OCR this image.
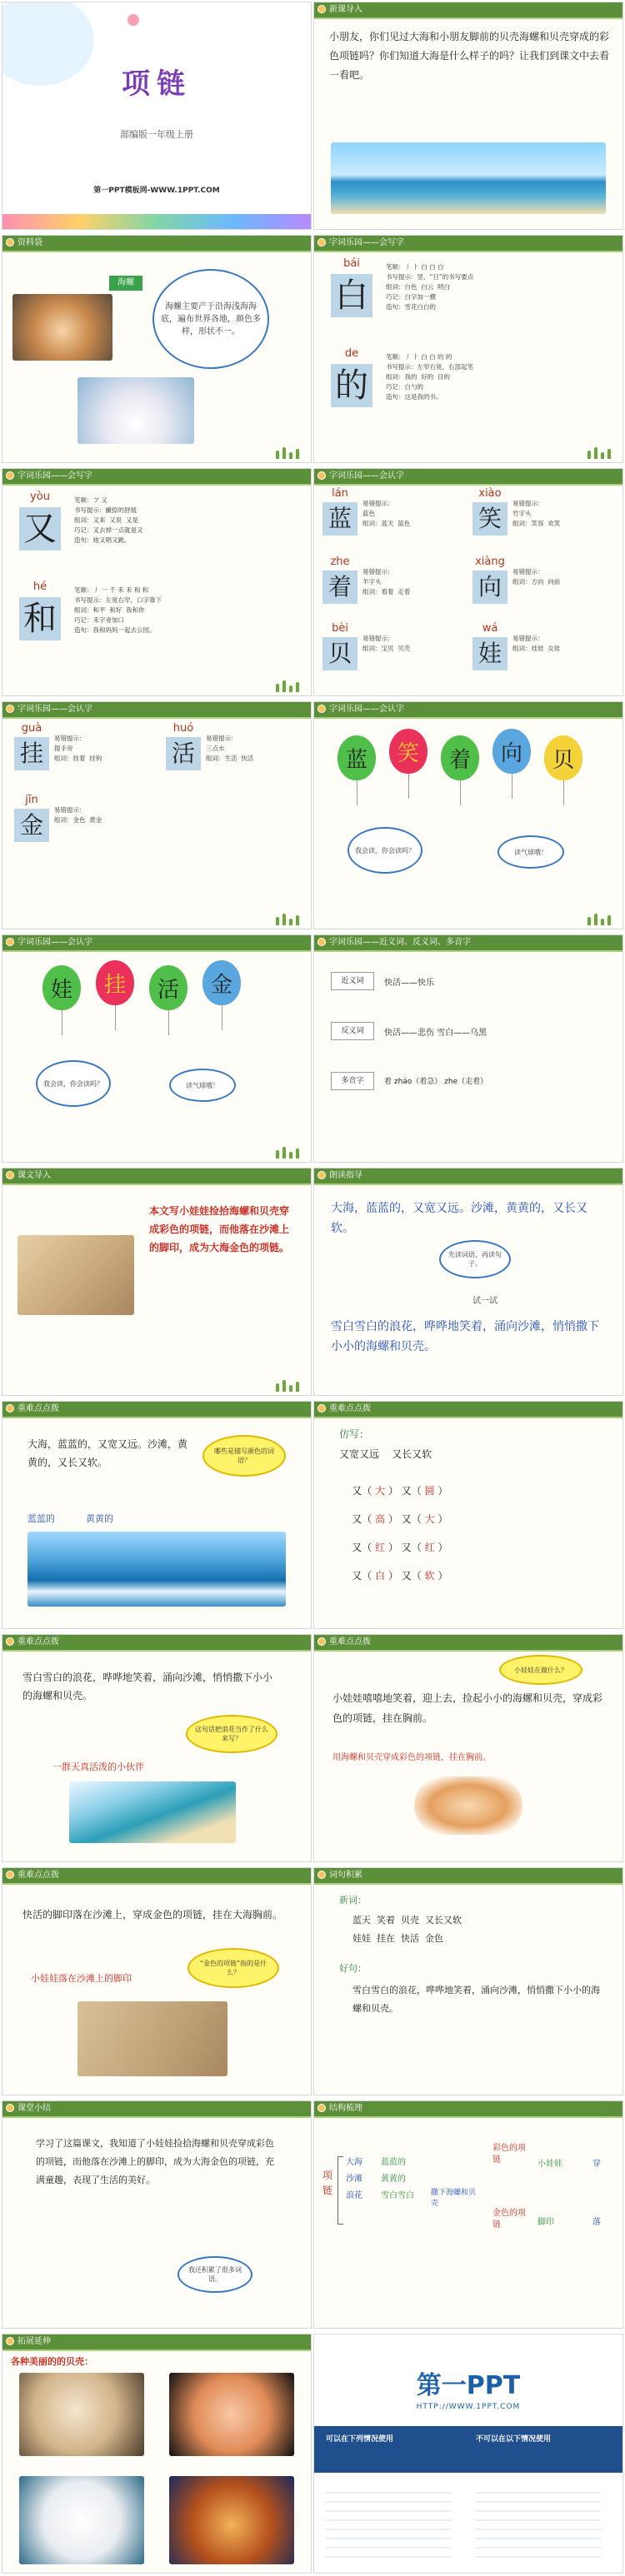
项链
部编版一年级上册
第一PPT模板网-WWW.1PPT.COM
新课导入
小朋友，你们见过大海和小朋友脚前的贝壳海螺和贝壳穿成的彩色项链吗？你们知道大海是什么样子的吗？让我们到课文中去看一看吧。
资料袋
海螺
海螺主要产于沿海浅海海底，遍布世界各地，颜色多样，形状不一。
字词乐园——会写字
bái
白
笔顺：丿 ⺊ 白 白 白
书写提示：竖、“日”的书写要点
组词：白色  白云  明白
巧记：白字加一横
造句：雪花白白的
de
的
笔顺：丿 ⺊ 白 白 的 的
书写提示：左窄右宽，右部起笔
组词：我的  好的  目的
巧记：白勺的
造句：这是我的书。
字词乐园——会写字
yòu
又
笔顺：フ 又
书写提示：撇捺的舒展
组词：又来  又说  又是
巧记：叉去掉一点就是又
造句：她又唱又跳。
hé
和
笔顺：丿 一 千 禾 禾 和 和
书写提示：左宽右窄，口字靠下
组词：和平  和好  我和你
巧记：禾字旁加口
造句：我和妈妈一起去公园。
字词乐园——会认字
lán
蓝
易错提示：
蓝色
组词：蓝天  蓝色
zhe
着
易错提示：
羊字头
组词：看着  走着
bèi
贝
易错提示：
组词：宝贝  贝壳
xiào
笑
易错提示：
竹字头
组词：笑容  欢笑
xiàng
向
易错提示：
组词：方向  向前
wá
娃
易错提示：
组词：娃娃  女娃
字词乐园——会认字
guà
挂
易错提示：
提手旁
组词：挂着  挂钩
huó
活
易错提示：
三点水
组词：生活  快活
jīn
金
易错提示：
组词：金色  黄金
字词乐园——会认字
蓝	笑	着	向	贝
我会读，你会读吗？	读气球哦！
字词乐园——会认字
娃	挂	活	金
我会读，你会读吗？	读气球哦！
字词乐园——近义词、反义词、多音字
近义词	快活——快乐
反义词	快活——悲伤 雪白——乌黑
多音字	着 zháo（着急） zhe（走着）
课文导入
本文写小娃娃捡拾海螺和贝壳穿成彩色的项链，而他落在沙滩上的脚印，成为大海金色的项链。
朗读指导
大海，蓝蓝的，又宽又远。沙滩，黄黄的，又长又软。
先读词语，再读句子。
试一试
雪白雪白的浪花，哗哗地笑着，涌向沙滩，悄悄撒下小小的海螺和贝壳。
重难点点拨
大海，蓝蓝的，又宽又远。沙滩，黄黄的，又长又软。
哪些是描写颜色的词语？
蓝蓝的	黄黄的
重难点点拨
仿写：
又宽又远    又长又软

又（ 大 ） 又（ 圆 ）

又（ 高 ） 又（ 大 ）

又（ 红 ） 又（ 红 ）

又（ 白 ） 又（ 软 ）

重难点点拨
雪白雪白的浪花，哗哗地笑着，涌向沙滩，悄悄撒下小小的海螺和贝壳。
这句话把浪花当作了什么来写？
一群天真活泼的小伙伴
重难点点拨
小娃娃在做什么？
小娃娃嘻嘻地笑着，迎上去，捡起小小的海螺和贝壳，穿成彩色的项链，挂在胸前。
用海螺和贝壳穿成彩色的项链，挂在胸前。
重难点点拨
快活的脚印落在沙滩上，穿成金色的项链，挂在大海胸前。
“金色的项链”指的是什么？
小娃娃落在沙滩上的脚印
词句积累
新词：
蓝天  笑着  贝壳  又长又软
娃娃  挂在  快活  金色
好句：
雪白雪白的浪花，哗哗地笑着，涌向沙滩，悄悄撒下小小的海螺和贝壳。
课堂小结
学习了这篇课文，我知道了小娃娃捡拾海螺和贝壳穿成彩色的项链，而他落在沙滩上的脚印，成为大海金色的项链，充满童趣，表现了生活的美好。
我还积累了很多词语。
结构梳理
项链
大海
沙滩
浪花
蓝蓝的
黄黄的
雪白雪白 撒下海螺和贝壳
彩色的项链
金色的项链
小娃娃
脚印
穿
落
拓展延伸
各种美丽的的贝壳：
第一PPT
HTTP://WWW.1PPT.COM
可以在下列情况使用	不可以在以下情况使用
